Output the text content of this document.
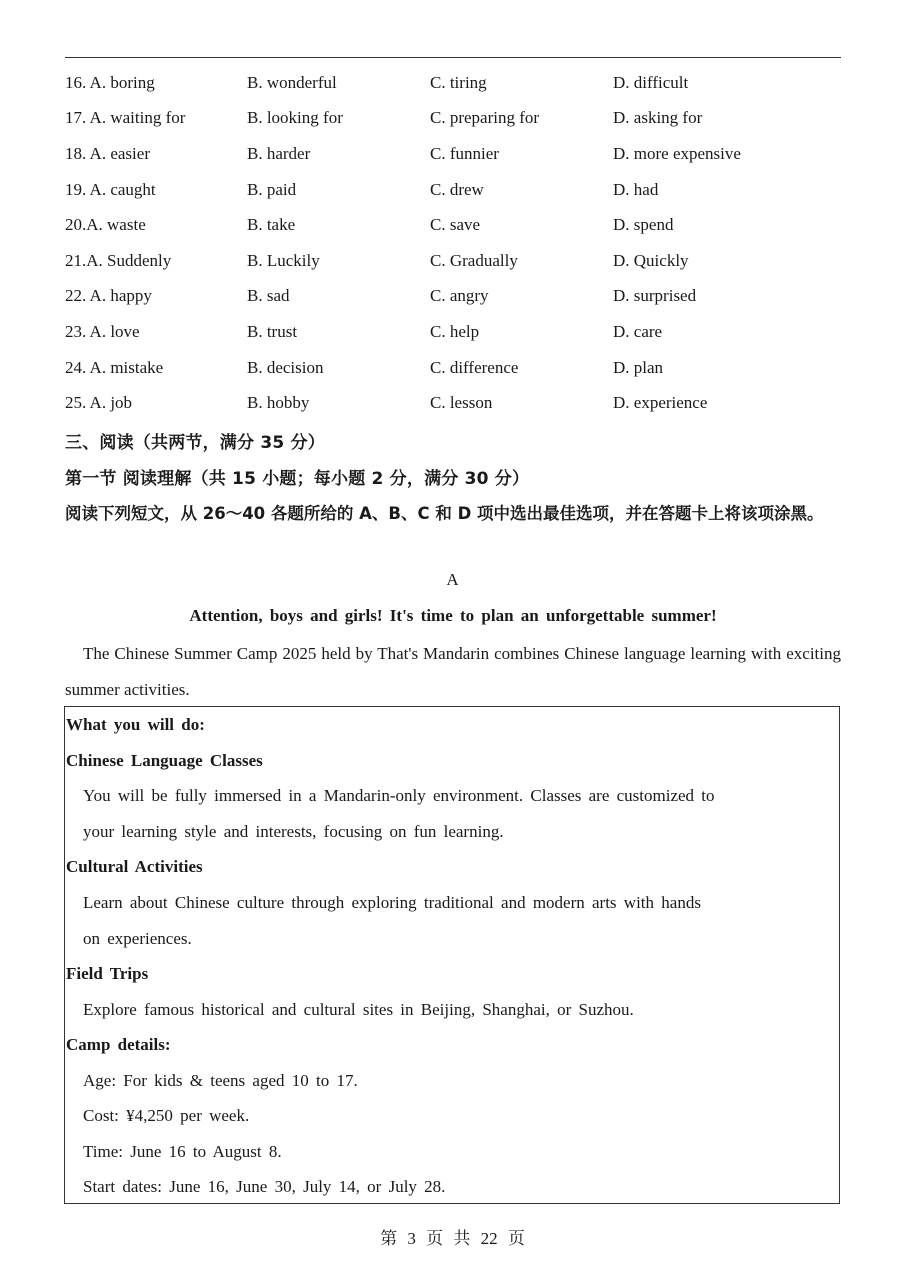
16. A. boring	B. wonderful	C. tiring	D. difficult
17. A. waiting for	B. looking for	C. preparing for	D. asking for
18. A. easier	B. harder	C. funnier	D. more expensive
19. A. caught	B. paid	C. drew	D. had
20.A. waste	B. take	C. save	D. spend
21.A. Suddenly	B. Luckily	C. Gradually	D. Quickly
22. A. happy	B. sad	C. angry	D. surprised
23. A. love	B. trust	C. help	D. care
24. A. mistake	B. decision	C. difference	D. plan
25. A. job	B. hobby	C. lesson	D. experience
三、阅读（共两节，满分 35 分）
第一节 阅读理解（共 15 小题；每小题 2 分，满分 30 分）
阅读下列短文，从 26～40 各题所给的 A、B、C 和 D 项中选出最佳选项，并在答题卡上将该项涂黑。
A
Attention, boys and girls! It's time to plan an unforgettable summer!
The Chinese Summer Camp 2025 held by That's Mandarin combines Chinese language learning with exciting summer activities.
What you will do:
Chinese Language Classes
You will be fully immersed in a Mandarin-only environment. Classes are customized to
your learning style and interests, focusing on fun learning.
Cultural Activities
Learn about Chinese culture through exploring traditional and modern arts with hands
on experiences.
Field Trips
Explore famous historical and cultural sites in Beijing, Shanghai, or Suzhou.
Camp details:
Age: For kids & teens aged 10 to 17.
Cost: ¥4,250 per week.
Time: June 16 to August 8.
Start dates: June 16, June 30, July 14, or July 28.
第 3 页 共 22 页
